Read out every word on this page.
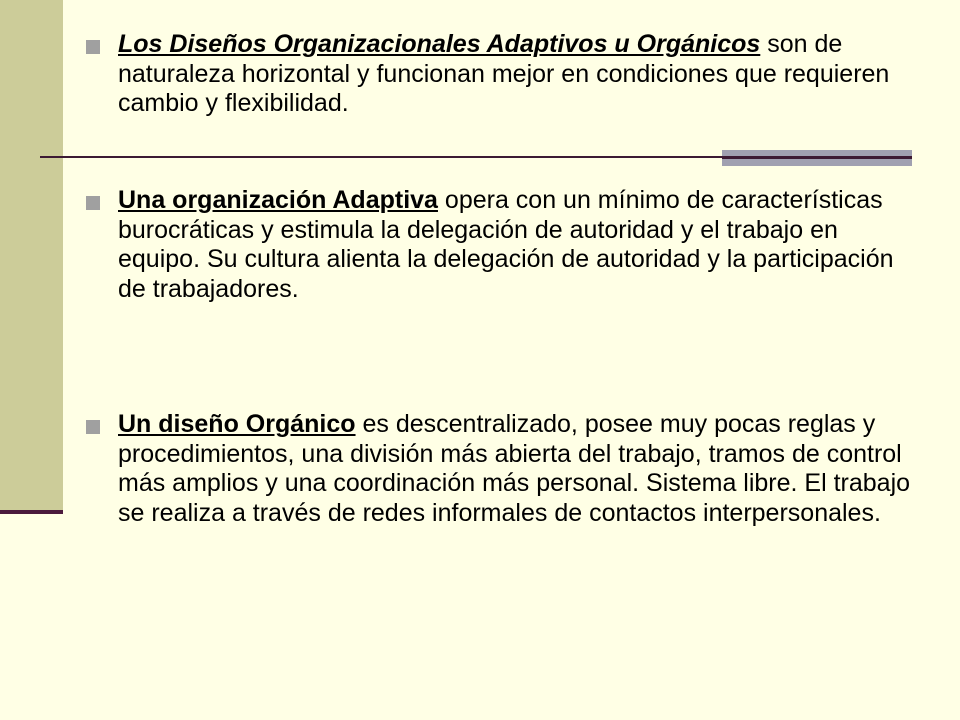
Los Diseños Organizacionales Adaptivos u Orgánicos son de naturaleza horizontal y funcionan mejor en condiciones que requieren cambio y flexibilidad.
Una organización Adaptiva opera con un mínimo de características burocráticas y estimula la delegación de autoridad y el trabajo en equipo. Su cultura alienta la delegación de autoridad y la participación de trabajadores.
Un diseño Orgánico es descentralizado, posee muy pocas reglas y procedimientos, una división más abierta del trabajo, tramos de control más amplios y una coordinación más personal. Sistema libre. El trabajo se realiza a través de redes informales de contactos interpersonales.
